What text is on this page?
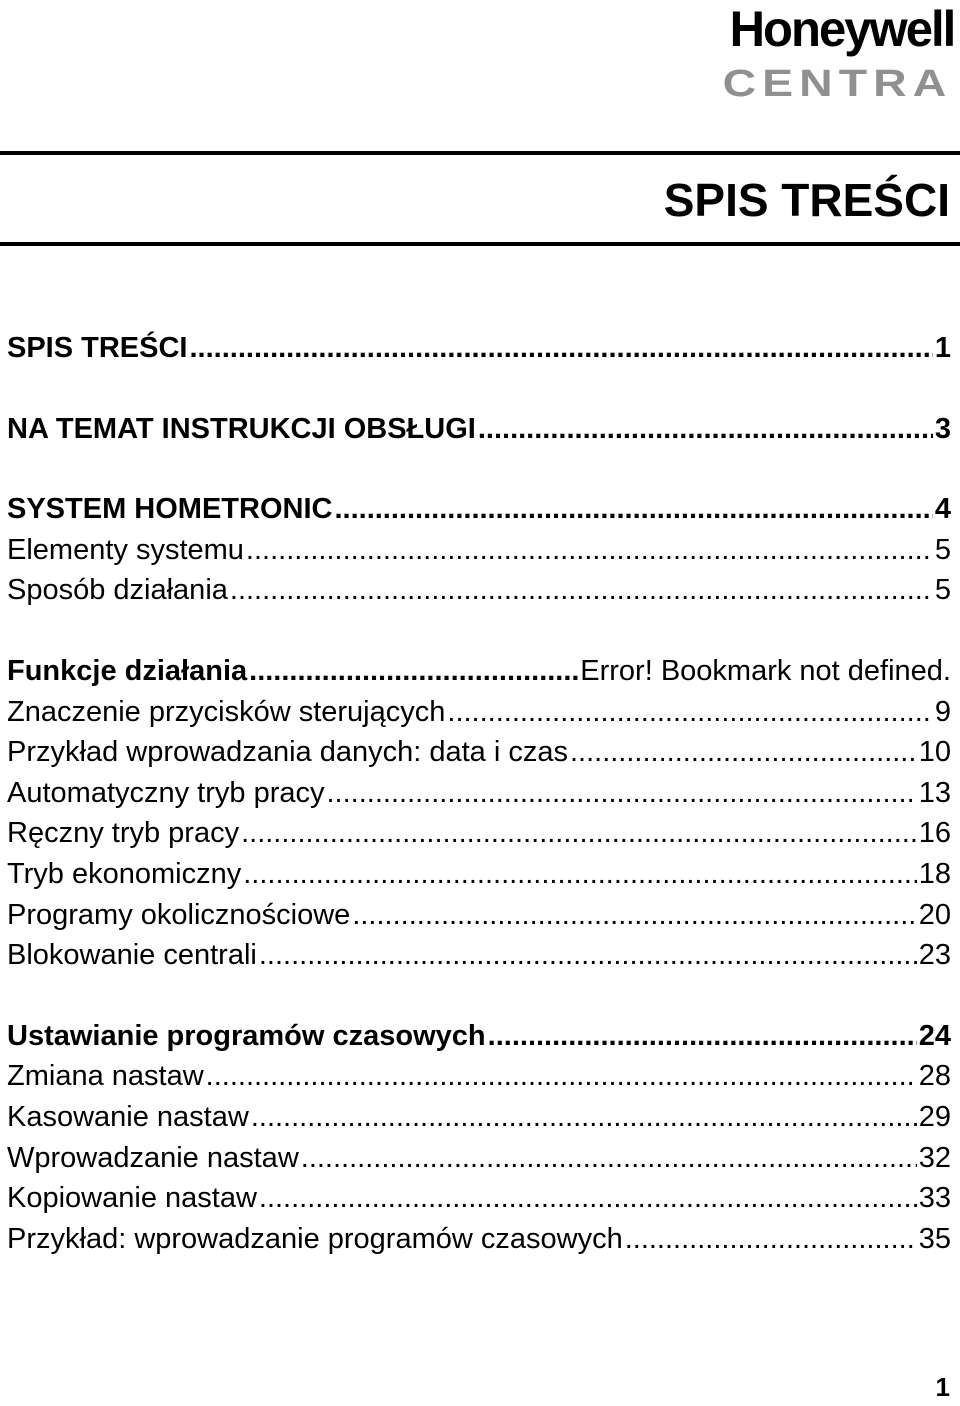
Honeywell
CENTRA
SPIS TREŚCI
SPIS TREŚCI .....	1
NA TEMAT INSTRUKCJI OBSŁUGI .....	3
SYSTEM HOMETRONIC .....	4
Elementy systemu .....	5
Sposób działania .....	5
Funkcje działania .....	Error! Bookmark not defined.
Znaczenie przycisków sterujących .....	9
Przykład wprowadzania danych: data i czas .....	10
Automatyczny tryb pracy .....	13
Ręczny tryb pracy .....	16
Tryb ekonomiczny .....	18
Programy okolicznościowe .....	20
Blokowanie centrali .....	23
Ustawianie programów czasowych .....	24
Zmiana nastaw .....	28
Kasowanie nastaw .....	29
Wprowadzanie nastaw .....	32
Kopiowanie nastaw .....	33
Przykład: wprowadzanie programów czasowych .....	35
1
